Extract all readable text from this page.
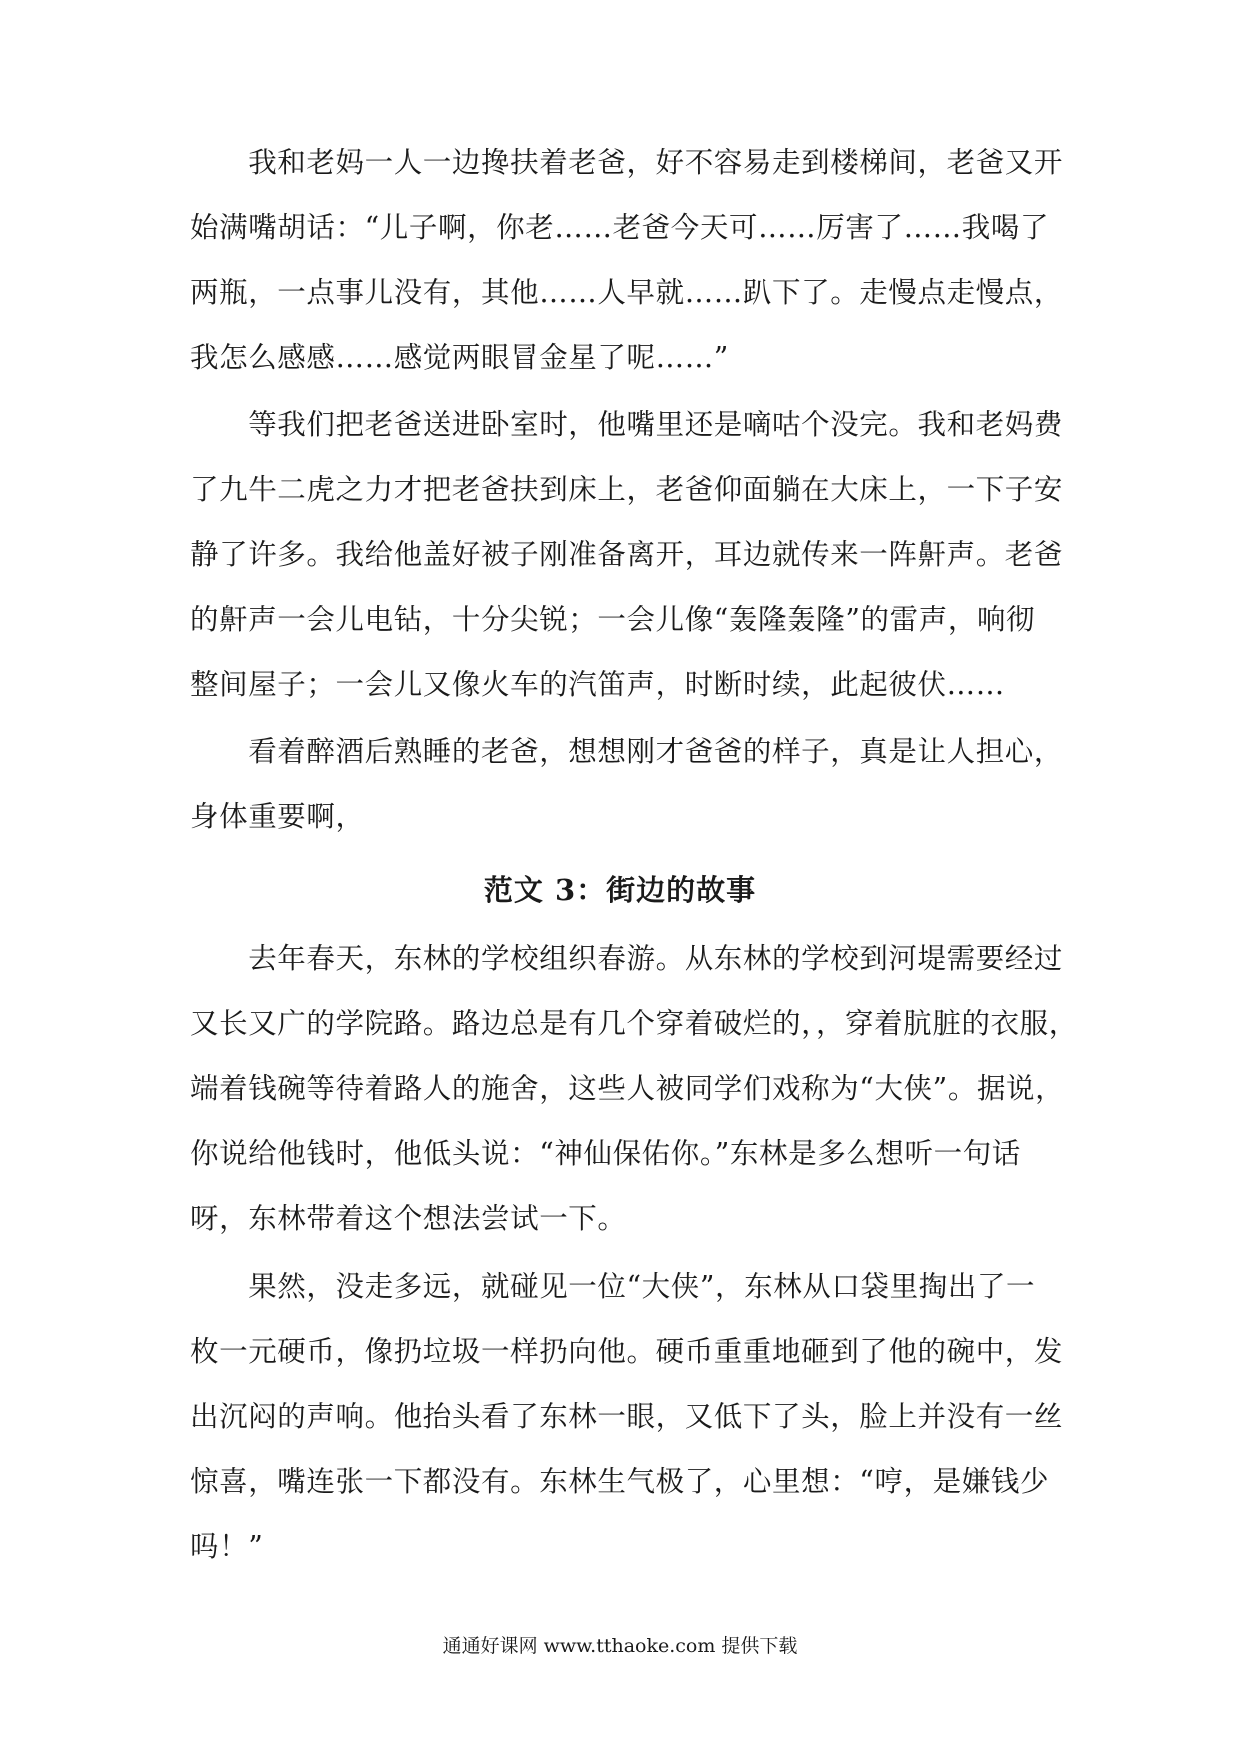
　　我和老妈一人一边搀扶着老爸，好不容易走到楼梯间，老爸又开
始满嘴胡话：“儿子啊，你老……老爸今天可……厉害了……我喝了
两瓶，一点事儿没有，其他……人早就……趴下了。走慢点走慢点，
我怎么感感……感觉两眼冒金星了呢……”
　　等我们把老爸送进卧室时，他嘴里还是嘀咕个没完。我和老妈费
了九牛二虎之力才把老爸扶到床上，老爸仰面躺在大床上，一下子安
静了许多。我给他盖好被子刚准备离开，耳边就传来一阵鼾声。老爸
的鼾声一会儿电钻，十分尖锐；一会儿像“轰隆轰隆”的雷声，响彻
整间屋子；一会儿又像火车的汽笛声，时断时续，此起彼伏……
　　看着醉酒后熟睡的老爸，想想刚才爸爸的样子，真是让人担心，
身体重要啊，
范文 3：街边的故事
　　去年春天，东林的学校组织春游。从东林的学校到河堤需要经过
又长又广的学院路。路边总是有几个穿着破烂的，，穿着肮脏的衣服，
端着钱碗等待着路人的施舍，这些人被同学们戏称为“大侠”。据说，
你说给他钱时，他低头说：“神仙保佑你。”东林是多么想听一句话
呀，东林带着这个想法尝试一下。
　　果然，没走多远，就碰见一位“大侠”，东林从口袋里掏出了一
枚一元硬币，像扔垃圾一样扔向他。硬币重重地砸到了他的碗中，发
出沉闷的声响。他抬头看了东林一眼，又低下了头，脸上并没有一丝
惊喜，嘴连张一下都没有。东林生气极了，心里想：“哼，是嫌钱少
吗！”
通通好课网 www.tthaoke.com 提供下载
